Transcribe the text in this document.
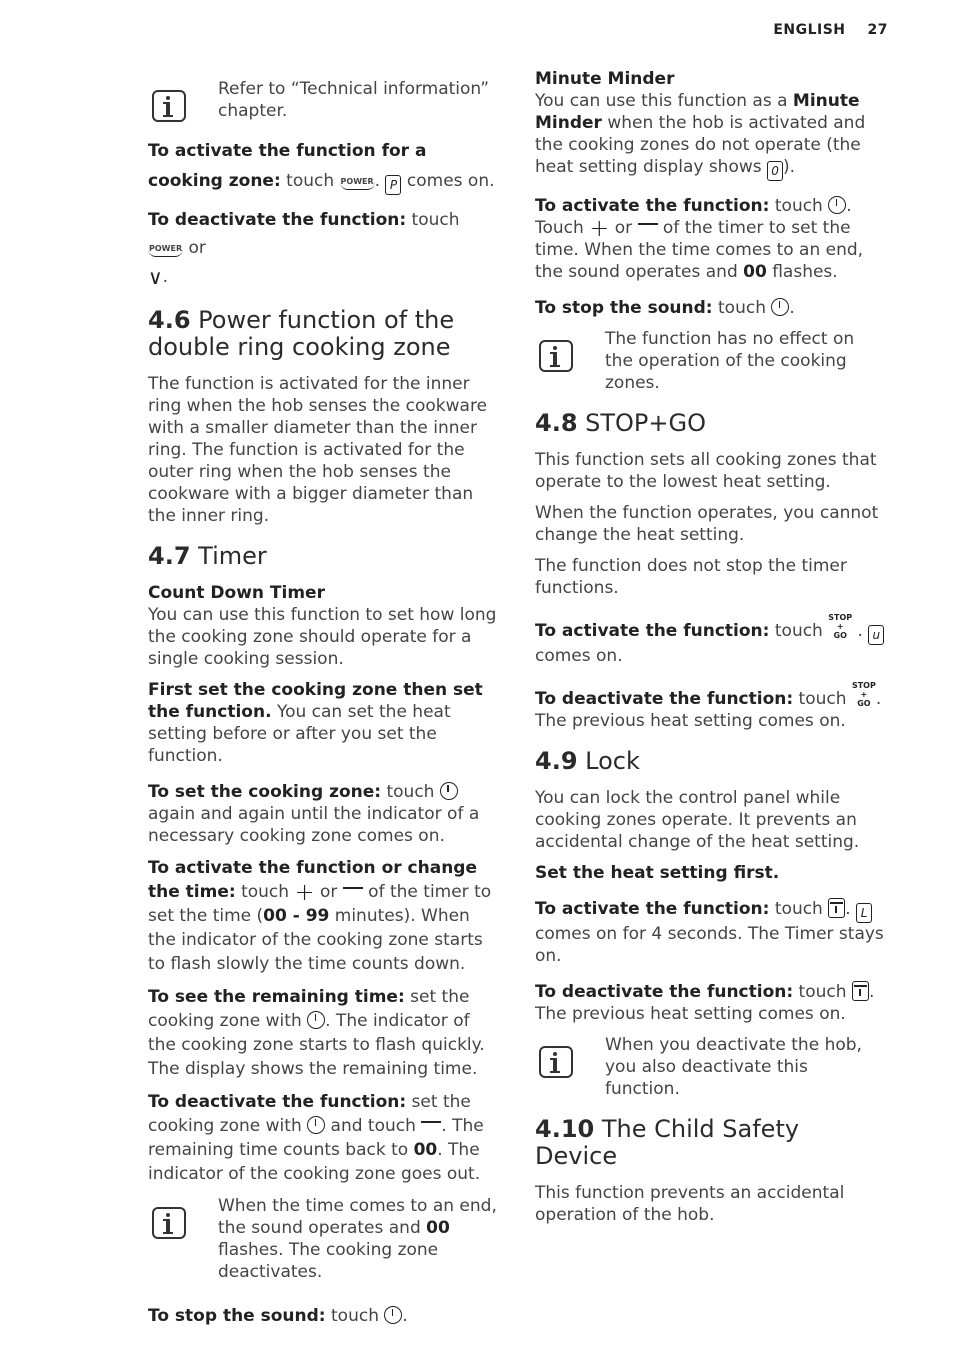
ENGLISH 27

Refer to “Technical information” chapter.

To activate the function for a cooking zone: touch POWER. P comes on.

To deactivate the function: touch POWER or
∨.

4.6 Power function of the double ring cooking zone

The function is activated for the inner ring when the hob senses the cookware with a smaller diameter than the inner ring. The function is activated for the outer ring when the hob senses the cookware with a bigger diameter than the inner ring.

4.7 Timer

Count Down Timer
You can use this function to set how long the cooking zone should operate for a single cooking session.

First set the cooking zone then set the function. You can set the heat setting before or after you set the function.

To set the cooking zone: touch  again and again until the indicator of a necessary cooking zone comes on.

To activate the function or change the time: touch + or  of the timer to set the time (00 - 99 minutes). When the indicator of the cooking zone starts to flash slowly the time counts down.

To see the remaining time: set the cooking zone with . The indicator of the cooking zone starts to flash quickly. The display shows the remaining time.

To deactivate the function: set the cooking zone with  and touch . The remaining time counts back to 00. The indicator of the cooking zone goes out.

When the time comes to an end, the sound operates and 00 flashes. The cooking zone deactivates.

To stop the sound: touch .

Minute Minder
You can use this function as a Minute Minder when the hob is activated and the cooking zones do not operate (the heat setting display shows 0 ).

To activate the function: touch .
Touch + or  of the timer to set the time. When the time comes to an end, the sound operates and 00 flashes.

To stop the sound: touch .

The function has no effect on the operation of the cooking zones.

4.8 STOP+GO

This function sets all cooking zones that operate to the lowest heat setting.

When the function operates, you cannot change the heat setting.

The function does not stop the timer functions.

To activate the function: touch STOP
+
GO . u
comes on.

To deactivate the function: touch STOP
+
GO . The previous heat setting comes on.

4.9 Lock

You can lock the control panel while cooking zones operate. It prevents an accidental change of the heat setting.

Set the heat setting first.

To activate the function: touch . L
comes on for 4 seconds. The Timer stays on.

To deactivate the function: touch . The previous heat setting comes on.

When you deactivate the hob, you also deactivate this function.

4.10 The Child Safety Device

This function prevents an accidental operation of the hob.
